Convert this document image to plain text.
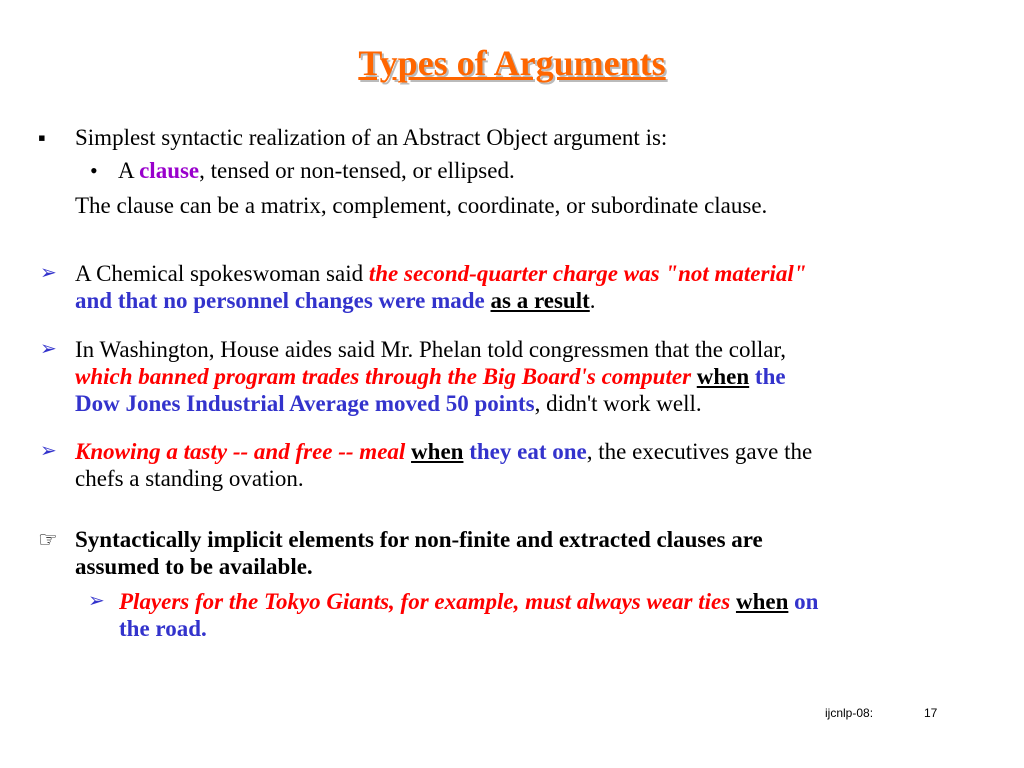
Types of Arguments
▪ Simplest syntactic realization of an Abstract Object argument is:
• A clause, tensed or non-tensed, or ellipsed.
The clause can be a matrix, complement, coordinate, or subordinate clause.
➢ A Chemical spokeswoman said the second-quarter charge was "not material"
and that no personnel changes were made as a result.
➢ In Washington, House aides said Mr. Phelan told congressmen that the collar,
which banned program trades through the Big Board's computer when the
Dow Jones Industrial Average moved 50 points, didn't work well.
➢ Knowing a tasty -- and free -- meal when they eat one, the executives gave the
chefs a standing ovation.
☞ Syntactically implicit elements for non-finite and extracted clauses are
assumed to be available.
➢ Players for the Tokyo Giants, for example, must always wear ties when on
the road.
ijcnlp-08:	17
